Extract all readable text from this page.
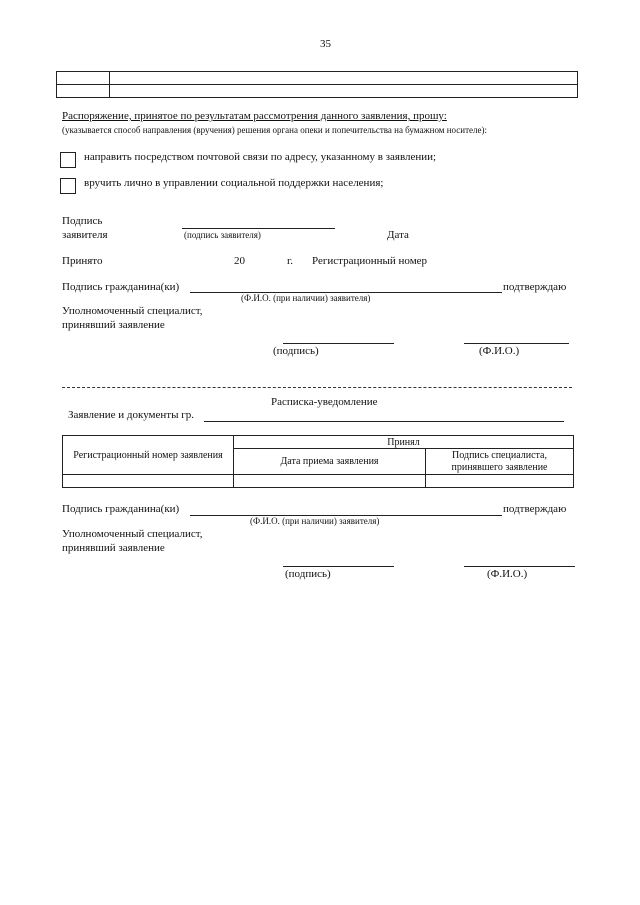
35

Распоряжение, принятое по результатам рассмотрения данного заявления, прошу:
(указывается способ направления (вручения) решения органа опеки и попечительства на бумажном носителе):
направить посредством почтовой связи по адресу, указанному в заявлении;
вручить лично в управлении социальной поддержки населения;
Подпись
заявителя	(подпись заявителя)	Дата
Принято	20	г. Регистрационный номер
Подпись гражданина(ки)	подтверждаю
(Ф.И.О. (при наличии) заявителя)
Уполномоченный специалист,
принявший заявление
(подпись)	(Ф.И.О.)
Расписка-уведомление
Заявление и документы гр.
Регистрационный номер заявления	Принял	
	Дата приема заявления	Подпись специалиста, принявшего заявление

Подпись гражданина(ки)	подтверждаю
(Ф.И.О. (при наличии) заявителя)
Уполномоченный специалист,
принявший заявление
(подпись)	(Ф.И.О.)
